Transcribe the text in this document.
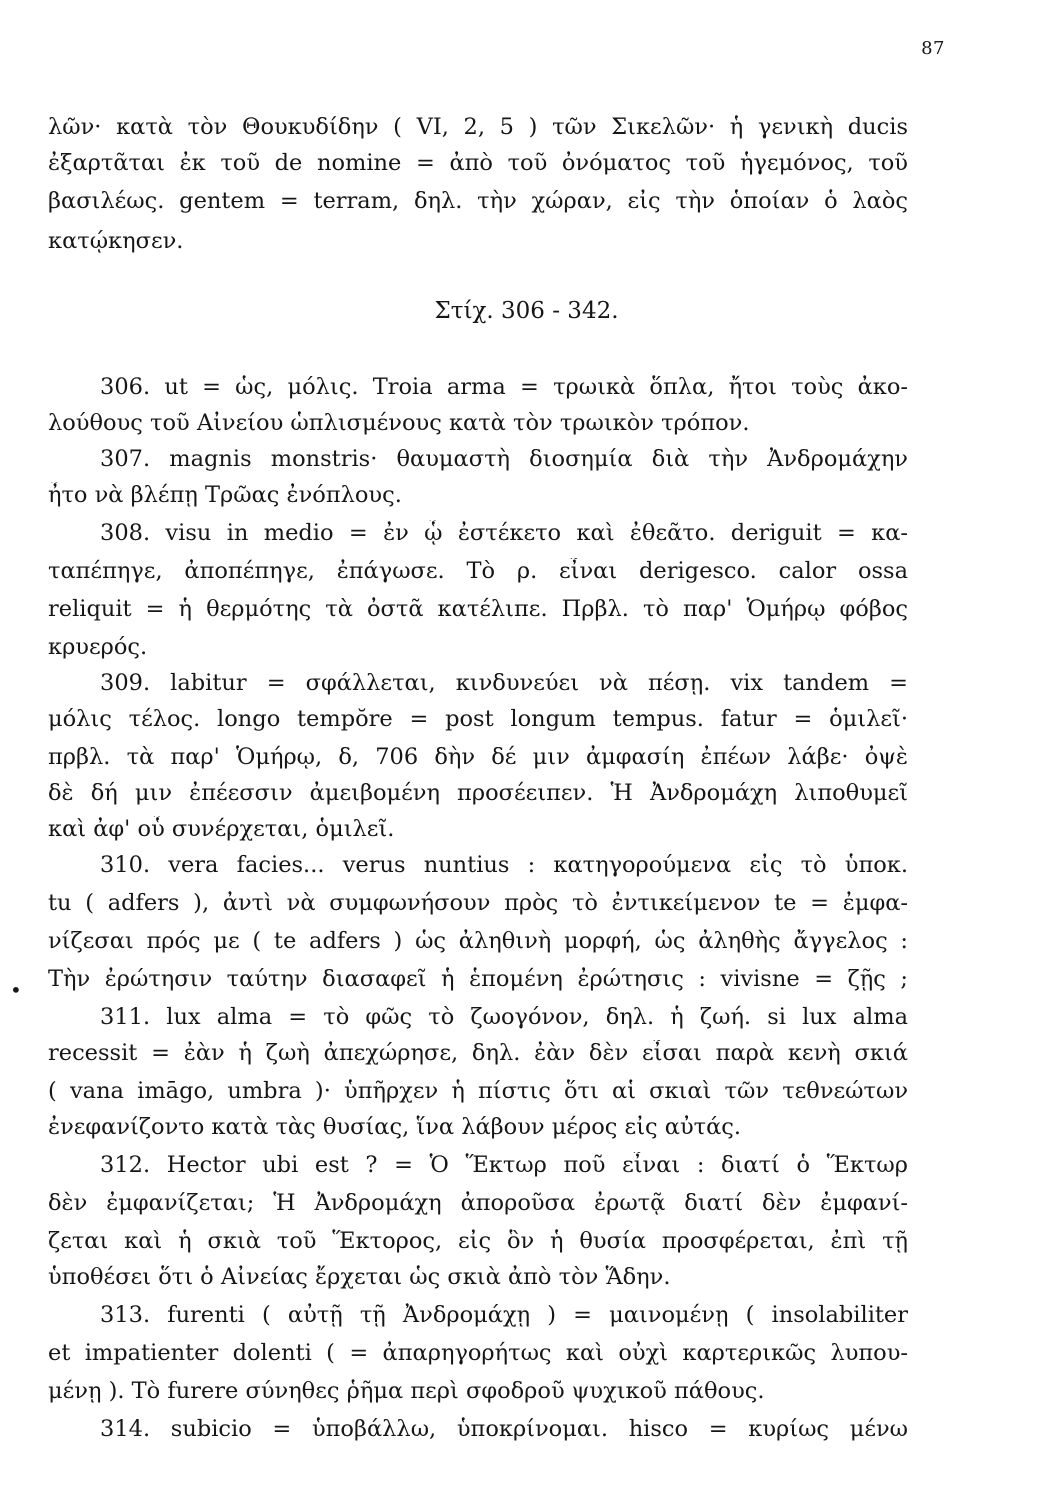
87
λῶν· κατὰ τὸν Θουκυδίδην ( VI, 2, 5 ) τῶν Σικελῶν· ἡ γενικὴ ducis
ἐξαρτᾶται ἐκ τοῦ de nomine = ἀπὸ τοῦ ὀνόματος τοῦ ἡγεμόνος, τοῦ
βασιλέως. gentem = terram, δηλ. τὴν χώραν, εἰς τὴν ὁποίαν ὁ λαὸς
κατῴκησεν.
Στίχ. 306 - 342.
306. ut = ὡς, μόλις. Troia arma = τρωικὰ ὅπλα, ἤτοι τοὺς ἀκο-
λούθους τοῦ Αἰνείου ὡπλισμένους κατὰ τὸν τρωικὸν τρόπον.
307. magnis monstris· θαυμαστὴ διοσημία διὰ τὴν Ἀνδρομάχην
ἦτο νὰ βλέπῃ Τρῶας ἐνόπλους.
308. visu in medio = ἐν ᾧ ἐστέκετο καὶ ἐθεᾶτο. deriguit = κα-
ταπέπηγε, ἀποπέπηγε, ἐπάγωσε. Τὸ ρ. εἶναι derigesco. calor ossa
reliquit = ἡ θερμότης τὰ ὀστᾶ κατέλιπε. Πρβλ. τὸ παρ' Ὁμήρῳ φόβος
κρυερός.
309. labitur = σφάλλεται, κινδυνεύει νὰ πέσῃ. vix tandem =
μόλις τέλος. longo tempŏre = post longum tempus. fatur = ὁμιλεῖ·
πρβλ. τὰ παρ' Ὁμήρῳ, δ, 706 δὴν δέ μιν ἀμφασίη ἐπέων λάβε· ὀψὲ
δὲ δή μιν ἐπέεσσιν ἀμειβομένη προσέειπεν. Ἡ Ἀνδρομάχη λιποθυμεῖ
καὶ ἀφ' οὗ συνέρχεται, ὁμιλεῖ.
310. vera facies... verus nuntius : κατηγορούμενα εἰς τὸ ὑποκ.
tu ( adfers ), ἀντὶ νὰ συμφωνήσουν πρὸς τὸ ἐντικείμενον te = ἐμφα-
νίζεσαι πρός με ( te adfers ) ὡς ἀληθινὴ μορφή, ὡς ἀληθὴς ἄγγελος :
• Τὴν ἐρώτησιν ταύτην διασαφεῖ ἡ ἑπομένη ἐρώτησις : vivisne = ζῇς ;
311. lux alma = τὸ φῶς τὸ ζωογόνον, δηλ. ἡ ζωή. si lux alma
recessit = ἐὰν ἡ ζωὴ ἀπεχώρησε, δηλ. ἐὰν δὲν εἶσαι παρὰ κενὴ σκιά
( vana imāgo, umbra )· ὑπῆρχεν ἡ πίστις ὅτι αἱ σκιαὶ τῶν τεθνεώτων
ἐνεφανίζοντο κατὰ τὰς θυσίας, ἵνα λάβουν μέρος εἰς αὐτάς.
312. Hector ubi est ? = Ὁ Ἕκτωρ ποῦ εἶναι : διατί ὁ Ἕκτωρ
δὲν ἐμφανίζεται; Ἡ Ἀνδρομάχη ἀποροῦσα ἐρωτᾷ διατί δὲν ἐμφανί-
ζεται καὶ ἡ σκιὰ τοῦ Ἕκτορος, εἰς ὃν ἡ θυσία προσφέρεται, ἐπὶ τῇ
ὑποθέσει ὅτι ὁ Αἰνείας ἔρχεται ὡς σκιὰ ἀπὸ τὸν Ἅδην.
313. furenti ( αὐτῇ τῇ Ἀνδρομάχῃ ) = μαινομένῃ ( insolabiliter
et impatienter dolenti ( = ἀπαρηγορήτως καὶ οὐχὶ καρτερικῶς λυπου-
μένῃ ). Τὸ furere σύνηθες ῥῆμα περὶ σφοδροῦ ψυχικοῦ πάθους.
314. subicio = ὑποβάλλω, ὑποκρίνομαι. hisco = κυρίως μένω
